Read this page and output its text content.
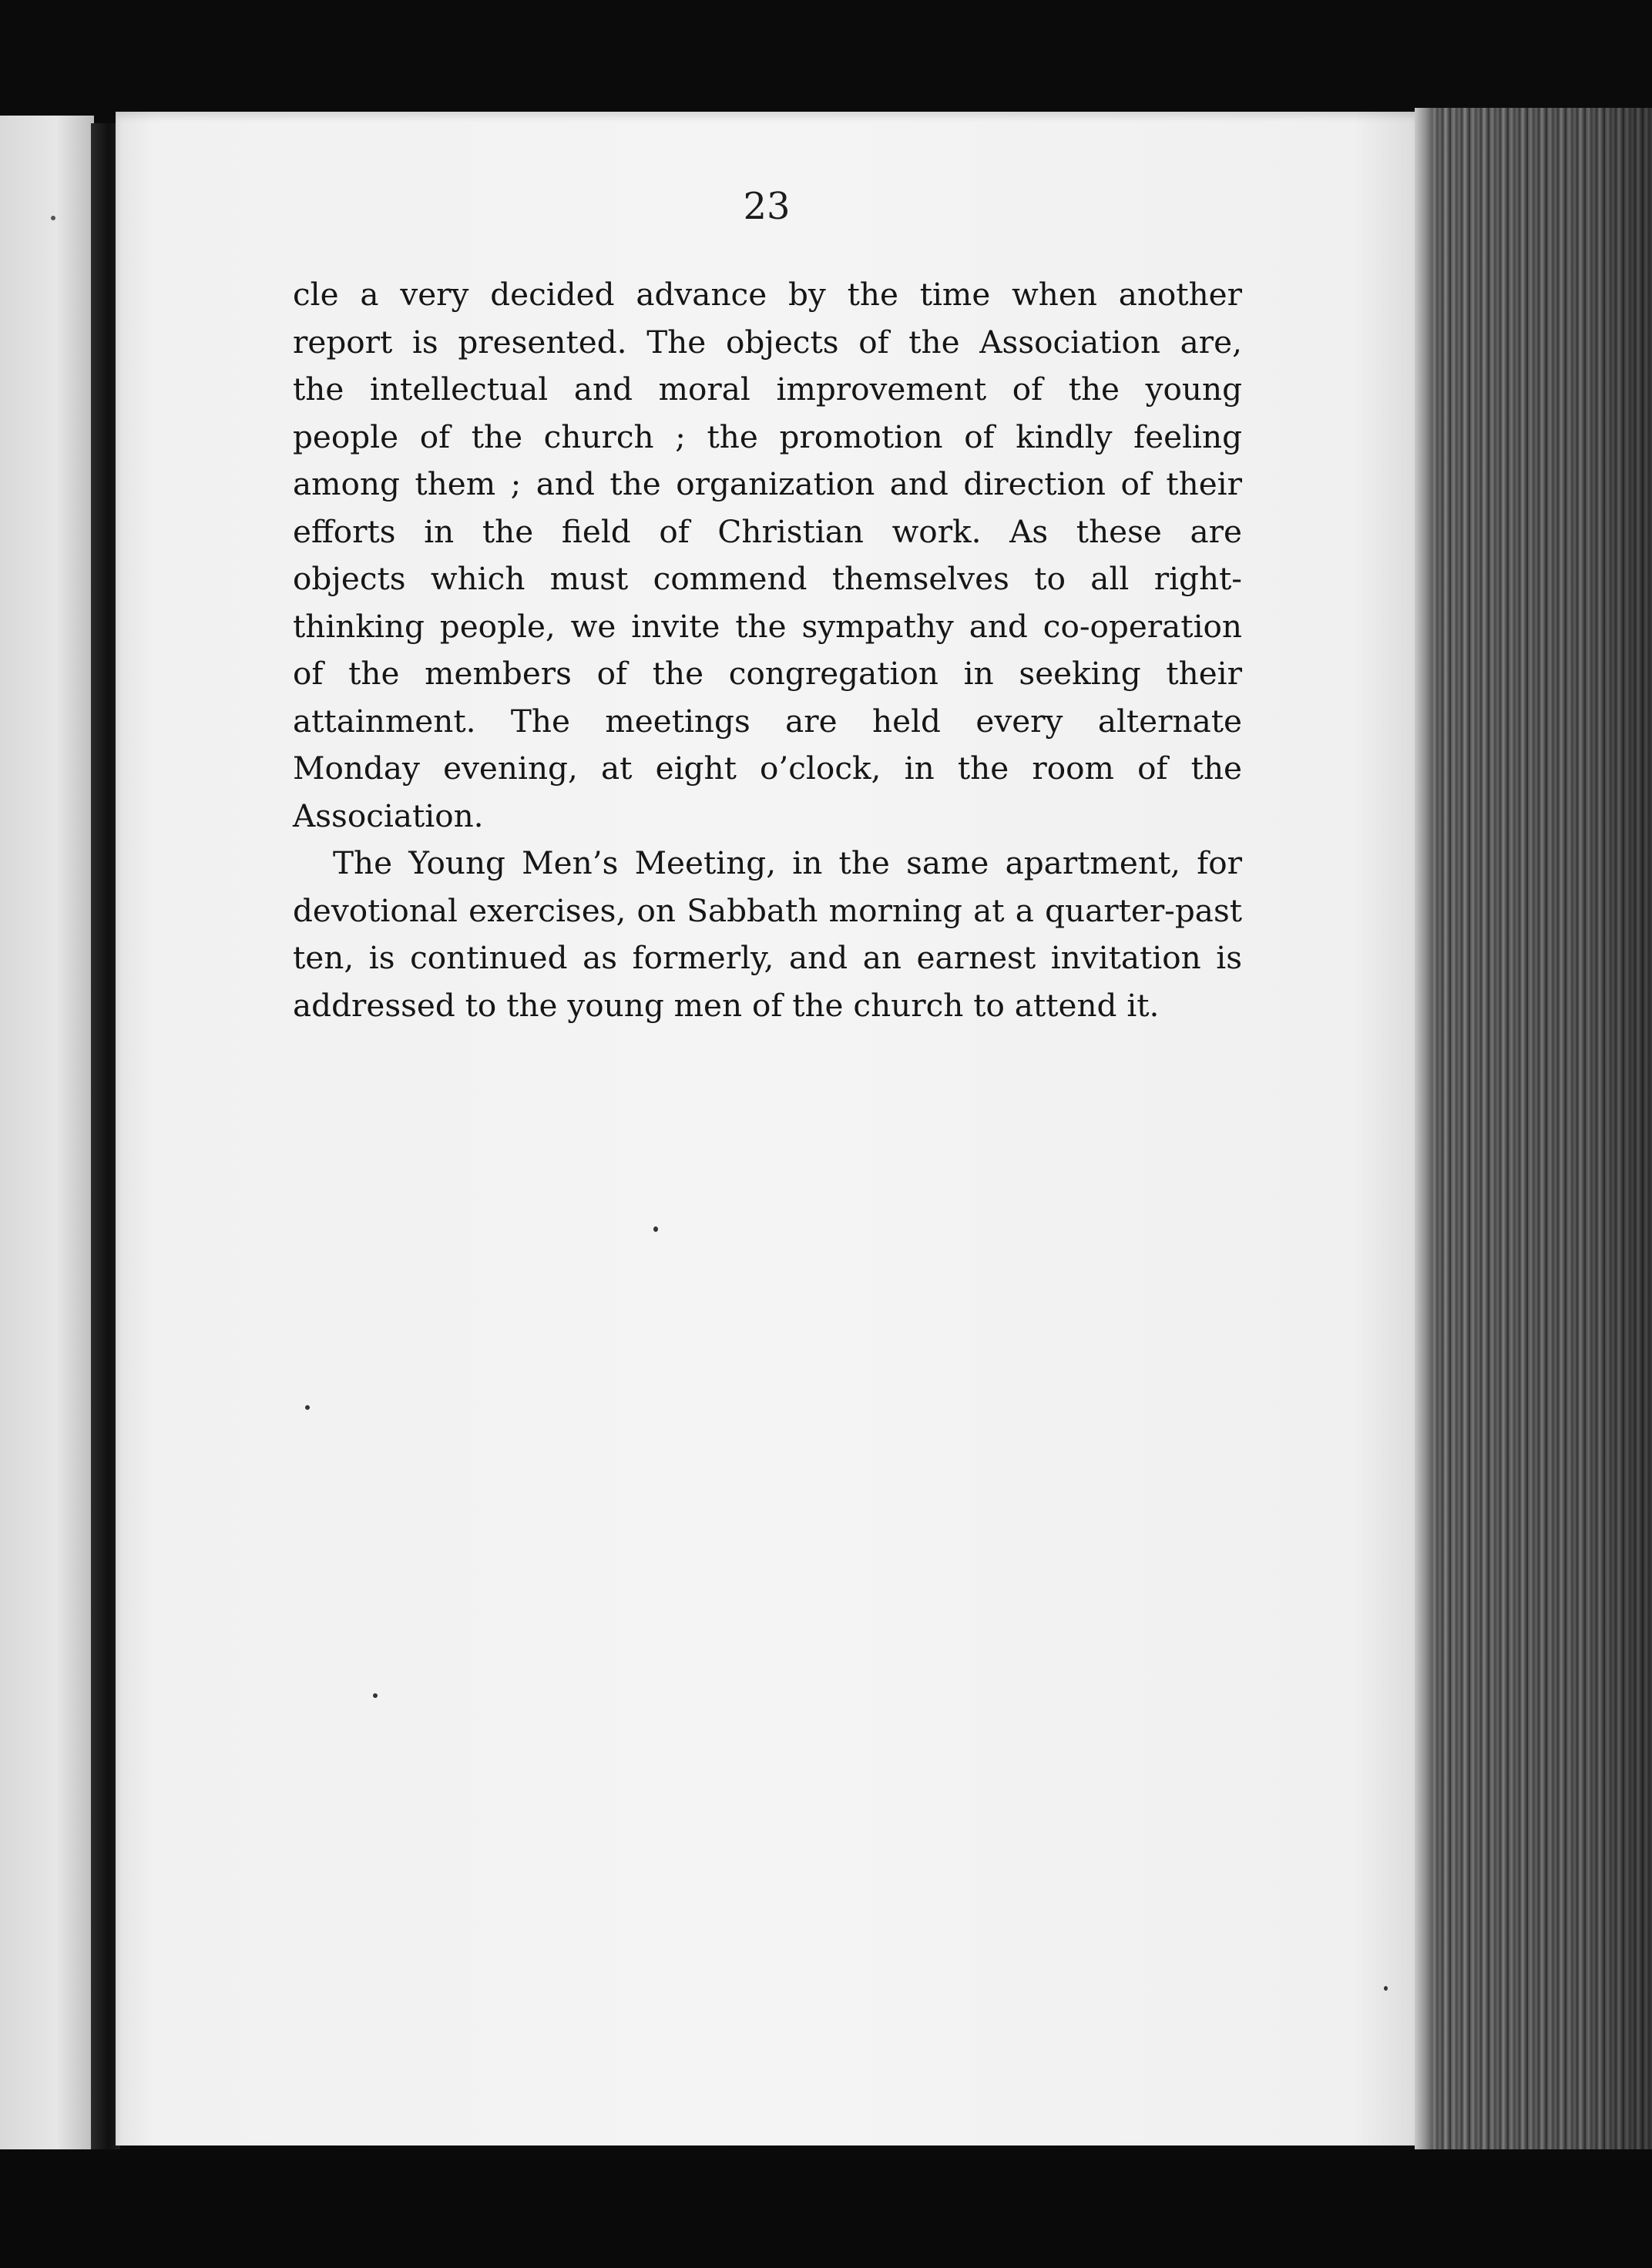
23
cle a very decided advance by the time when another
report is presented. The objects of the Association are,
the intellectual and moral improvement of the young
people of the church ; the promotion of kindly feeling
among them ; and the organization and direction of their
efforts in the field of Christian work. As these are
objects which must commend themselves to all right-
thinking people, we invite the sympathy and co-operation
of the members of the congregation in seeking their
attainment. The meetings are held every alternate
Monday evening, at eight o’clock, in the room of the
Association.
The Young Men’s Meeting, in the same apartment, for
devotional exercises, on Sabbath morning at a quarter-past
ten, is continued as formerly, and an earnest invitation is
addressed to the young men of the church to attend it.
